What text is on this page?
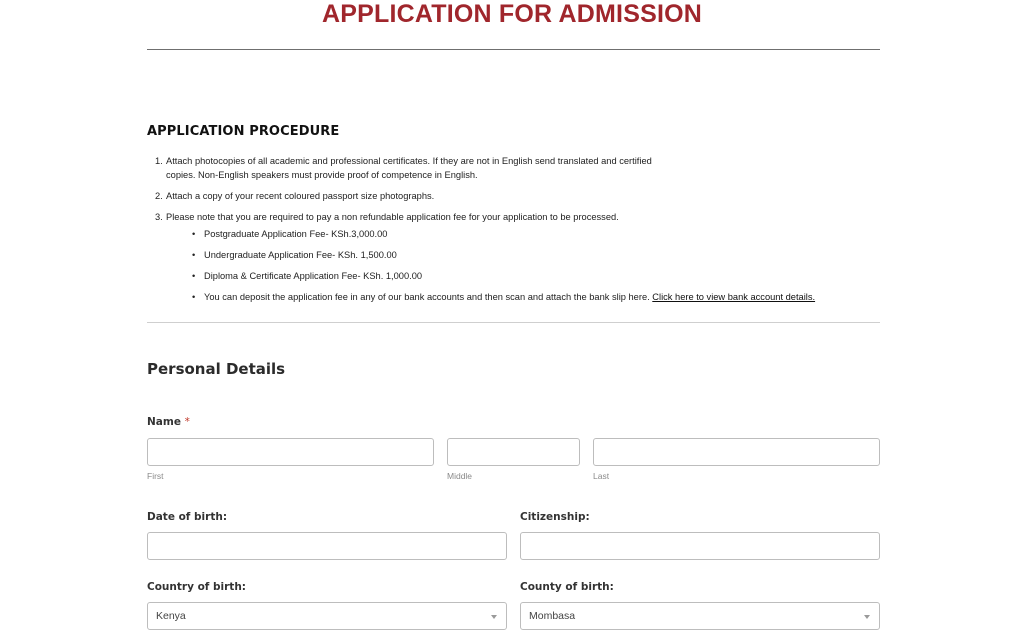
APPLICATION FOR ADMISSION
APPLICATION PROCEDURE
1. Attach photocopies of all academic and professional certificates. If they are not in English send translated and certified copies. Non-English speakers must provide proof of competence in English.
2. Attach a copy of your recent coloured passport size photographs.
3. Please note that you are required to pay a non refundable application fee for your application to be processed.
• Postgraduate Application Fee- KSh.3,000.00
• Undergraduate Application Fee- KSh. 1,500.00
• Diploma & Certificate Application Fee- KSh. 1,000.00
• You can deposit the application fee in any of our bank accounts and then scan and attach the bank slip here. Click here to view bank account details.
Personal Details
Name *
First	Middle	Last
Date of birth:	Citizenship:
Country of birth:
Kenya
County of birth:
Mombasa
